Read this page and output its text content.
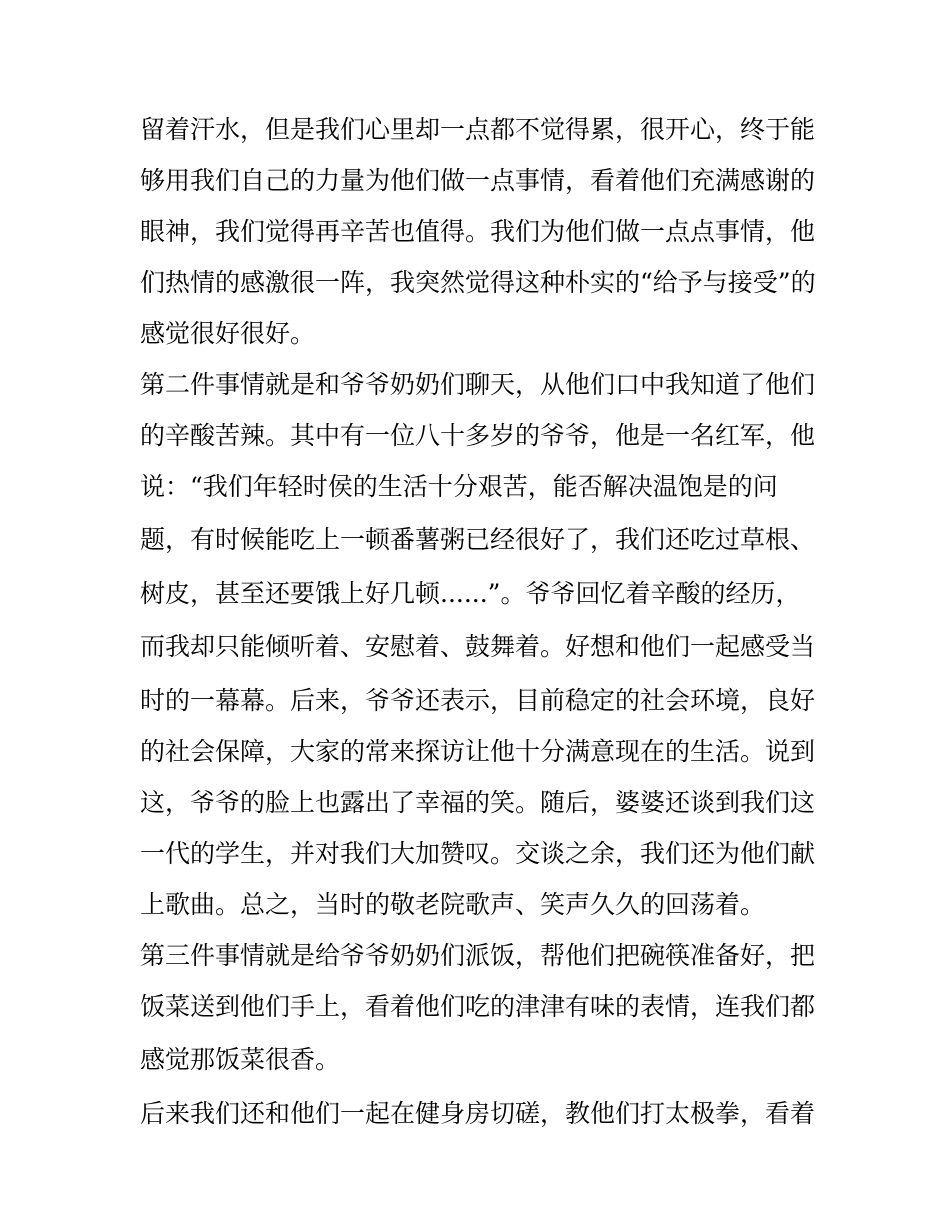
留着汗水，但是我们心里却一点都不觉得累，很开心，终于能
够用我们自己的力量为他们做一点事情，看着他们充满感谢的
眼神，我们觉得再辛苦也值得。我们为他们做一点点事情，他
们热情的感激很一阵，我突然觉得这种朴实的“给予与接受”的
感觉很好很好。
第二件事情就是和爷爷奶奶们聊天，从他们口中我知道了他们
的辛酸苦辣。其中有一位八十多岁的爷爷，他是一名红军，他
说：“我们年轻时侯的生活十分艰苦，能否解决温饱是的问
题，有时候能吃上一顿番薯粥已经很好了，我们还吃过草根、
树皮，甚至还要饿上好几顿......”。爷爷回忆着辛酸的经历，
而我却只能倾听着、安慰着、鼓舞着。好想和他们一起感受当
时的一幕幕。后来，爷爷还表示，目前稳定的社会环境，良好
的社会保障，大家的常来探访让他十分满意现在的生活。说到
这，爷爷的脸上也露出了幸福的笑。随后，婆婆还谈到我们这
一代的学生，并对我们大加赞叹。交谈之余，我们还为他们献
上歌曲。总之，当时的敬老院歌声、笑声久久的回荡着。
第三件事情就是给爷爷奶奶们派饭，帮他们把碗筷准备好，把
饭菜送到他们手上，看着他们吃的津津有味的表情，连我们都
感觉那饭菜很香。
后来我们还和他们一起在健身房切磋，教他们打太极拳，看着
